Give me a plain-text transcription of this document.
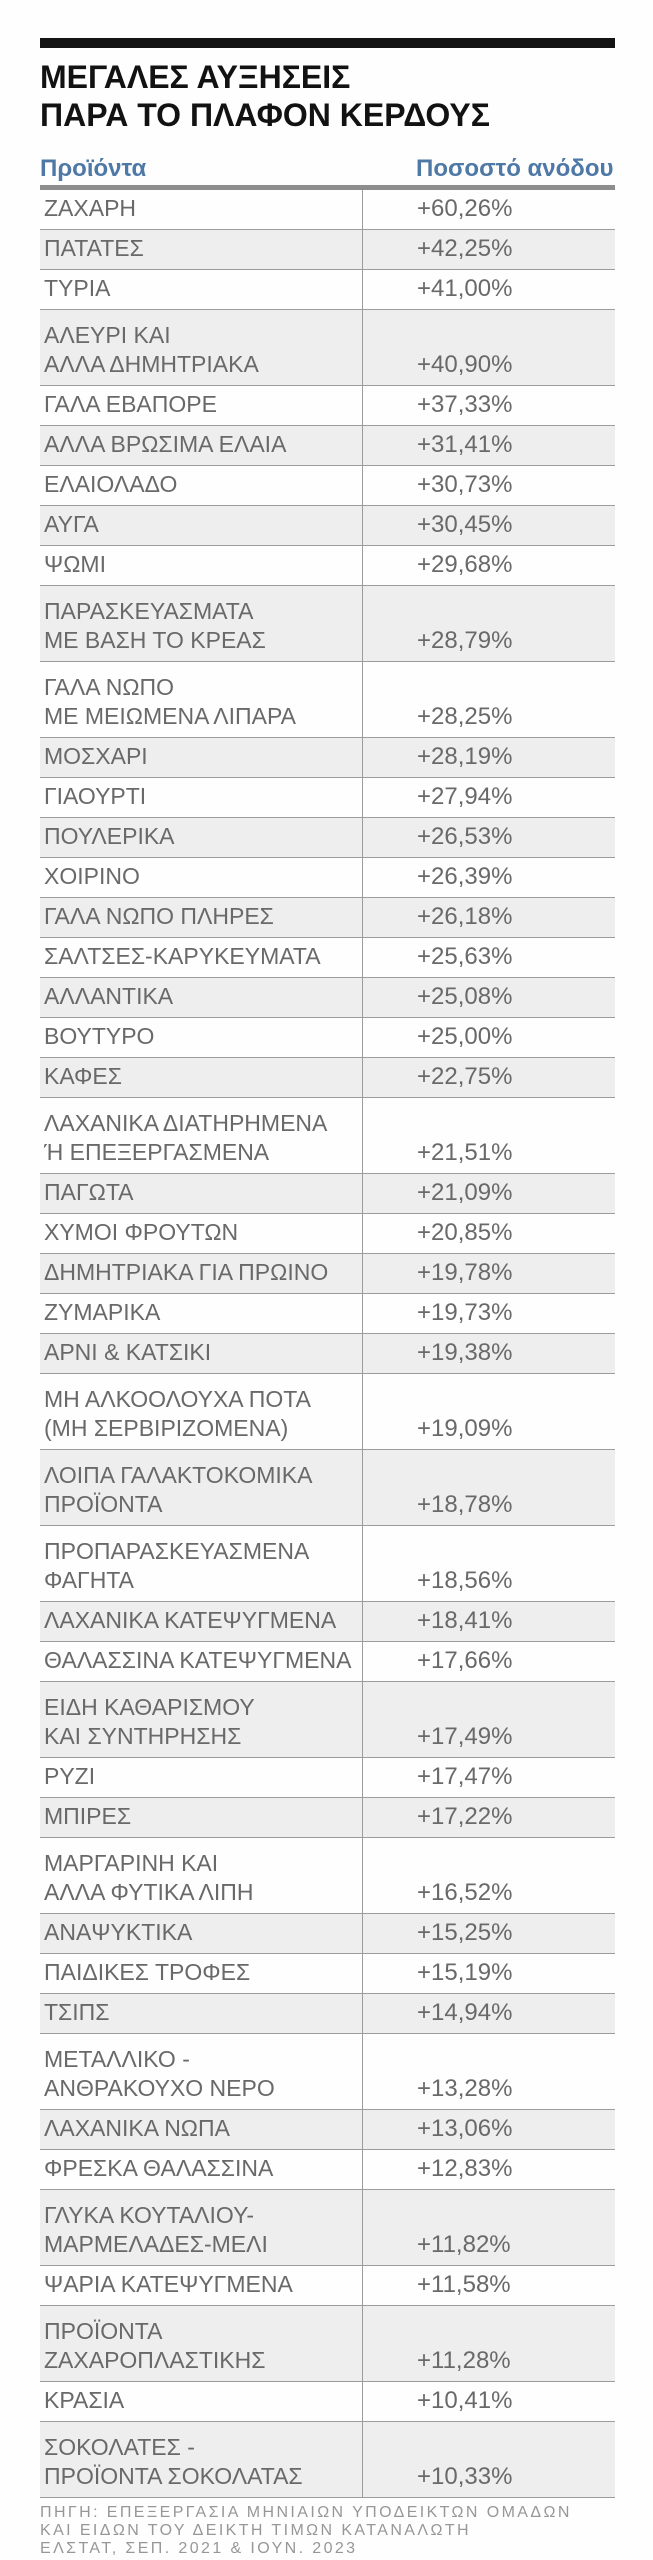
ΜΕΓΑΛΕΣ ΑΥΞΗΣΕΙΣ
ΠΑΡΑ ΤΟ ΠΛΑΦΟΝ ΚΕΡΔΟΥΣ
Προϊόντα	Ποσοστό ανόδου
ΖΑΧΑΡΗ	+60,26%
ΠΑΤΑΤΕΣ	+42,25%
ΤΥΡΙΑ	+41,00%
ΑΛΕΥΡΙ ΚΑΙ
ΑΛΛΑ ΔΗΜΗΤΡΙΑΚΑ	+40,90%
ΓΑΛΑ ΕΒΑΠΟΡΕ	+37,33%
ΑΛΛΑ ΒΡΩΣΙΜΑ ΕΛΑΙΑ	+31,41%
ΕΛΑΙΟΛΑΔΟ	+30,73%
ΑΥΓΑ	+30,45%
ΨΩΜΙ	+29,68%
ΠΑΡΑΣΚΕΥΑΣΜΑΤΑ
ΜΕ ΒΑΣΗ ΤΟ ΚΡΕΑΣ	+28,79%
ΓΑΛΑ ΝΩΠΟ
ΜΕ ΜΕΙΩΜΕΝΑ ΛΙΠΑΡΑ	+28,25%
ΜΟΣΧΑΡΙ	+28,19%
ΓΙΑΟΥΡΤΙ	+27,94%
ΠΟΥΛΕΡΙΚΑ	+26,53%
ΧΟΙΡΙΝΟ	+26,39%
ΓΑΛΑ ΝΩΠΟ ΠΛΗΡΕΣ	+26,18%
ΣΑΛΤΣΕΣ-ΚΑΡΥΚΕΥΜΑΤΑ	+25,63%
ΑΛΛΑΝΤΙΚΑ	+25,08%
ΒΟΥΤΥΡΟ	+25,00%
ΚΑΦΕΣ	+22,75%
ΛΑΧΑΝΙΚΑ ΔΙΑΤΗΡΗΜΕΝΑ
Ή ΕΠΕΞΕΡΓΑΣΜΕΝΑ	+21,51%
ΠΑΓΩΤΑ	+21,09%
ΧΥΜΟΙ ΦΡΟΥΤΩΝ	+20,85%
ΔΗΜΗΤΡΙΑΚΑ ΓΙΑ ΠΡΩΙΝΟ	+19,78%
ΖΥΜΑΡΙΚΑ	+19,73%
ΑΡΝΙ & ΚΑΤΣΙΚΙ	+19,38%
ΜΗ ΑΛΚΟΟΛΟΥΧΑ ΠΟΤΑ
(ΜΗ ΣΕΡΒΙΡΙΖΟΜΕΝΑ)	+19,09%
ΛΟΙΠΑ ΓΑΛΑΚΤΟΚΟΜΙΚΑ
ΠΡΟΪΟΝΤΑ	+18,78%
ΠΡΟΠΑΡΑΣΚΕΥΑΣΜΕΝΑ
ΦΑΓΗΤΑ	+18,56%
ΛΑΧΑΝΙΚΑ ΚΑΤΕΨΥΓΜΕΝΑ	+18,41%
ΘΑΛΑΣΣΙΝΑ ΚΑΤΕΨΥΓΜΕΝΑ	+17,66%
ΕΙΔΗ ΚΑΘΑΡΙΣΜΟΥ
ΚΑΙ ΣΥΝΤΗΡΗΣΗΣ	+17,49%
ΡΥΖΙ	+17,47%
ΜΠΙΡΕΣ	+17,22%
ΜΑΡΓΑΡΙΝΗ ΚΑΙ
ΑΛΛΑ ΦΥΤΙΚΑ ΛΙΠΗ	+16,52%
ΑΝΑΨΥΚΤΙΚΑ	+15,25%
ΠΑΙΔΙΚΕΣ ΤΡΟΦΕΣ	+15,19%
ΤΣΙΠΣ	+14,94%
ΜΕΤΑΛΛΙΚΟ -
ΑΝΘΡΑΚΟΥΧΟ ΝΕΡΟ	+13,28%
ΛΑΧΑΝΙΚΑ ΝΩΠΑ	+13,06%
ΦΡΕΣΚΑ ΘΑΛΑΣΣΙΝΑ	+12,83%
ΓΛΥΚΑ ΚΟΥΤΑΛΙΟΥ-
ΜΑΡΜΕΛΑΔΕΣ-ΜΕΛΙ	+11,82%
ΨΑΡΙΑ ΚΑΤΕΨΥΓΜΕΝΑ	+11,58%
ΠΡΟΪΟΝΤΑ
ΖΑΧΑΡΟΠΛΑΣΤΙΚΗΣ	+11,28%
ΚΡΑΣΙΑ	+10,41%
ΣΟΚΟΛΑΤΕΣ -
ΠΡΟΪΟΝΤΑ ΣΟΚΟΛΑΤΑΣ	+10,33%
ΠΗΓΗ: ΕΠΕΞΕΡΓΑΣΙΑ ΜΗΝΙΑΙΩΝ ΥΠΟΔΕΙΚΤΩΝ ΟΜΑΔΩΝ
ΚΑΙ ΕΙΔΩΝ ΤΟΥ ΔΕΙΚΤΗ ΤΙΜΩΝ ΚΑΤΑΝΑΛΩΤΗ
ΕΛΣΤΑΤ, ΣΕΠ. 2021 & ΙΟΥΝ. 2023
